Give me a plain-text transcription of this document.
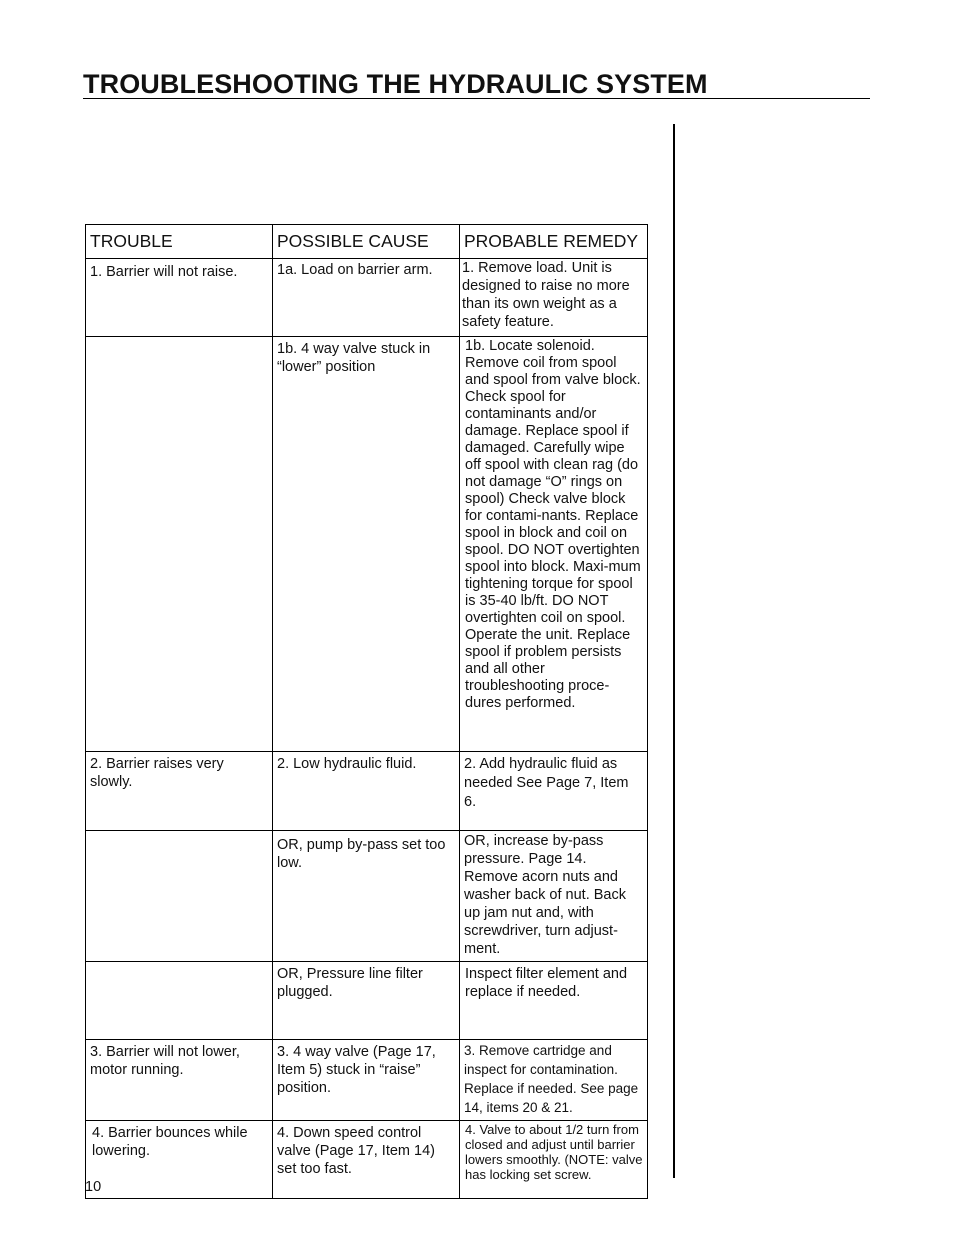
TROUBLESHOOTING THE HYDRAULIC SYSTEM
TROUBLE	POSSIBLE CAUSE	PROBABLE REMEDY
1. Barrier will not raise.	1a. Load on barrier arm.	1. Remove load. Unit is designed to raise no more than its own weight as a safety feature.
	1b. 4 way valve stuck in “lower” position	1b. Locate solenoid. Remove coil from spool and spool from valve block. Check spool for contaminants and/or damage. Replace spool if damaged. Carefully wipe off spool with clean rag (do not damage “O” rings on spool) Check valve block for contami-nants. Replace spool in block and coil on spool. DO NOT overtighten spool into block. Maxi-mum tightening torque for spool is 35-40 lb/ft. DO NOT overtighten coil on spool. Operate the unit. Replace spool if problem persists and all other troubleshooting proce-dures performed.
2. Barrier raises very slowly.	2. Low hydraulic fluid.	2. Add hydraulic fluid as needed See Page 7, Item 6.
	OR, pump by-pass set too low.	OR, increase by-pass pressure. Page 14. Remove acorn nuts and washer back of nut. Back up jam nut and, with screwdriver, turn adjust-ment.
	OR, Pressure line filter plugged.	Inspect filter element and replace if needed.
3. Barrier will not lower, motor running.	3. 4 way valve (Page 17, Item 5) stuck in “raise” position.	3. Remove cartridge and inspect for contamination. Replace if needed. See page 14, items 20 & 21.
4. Barrier bounces while lowering.	4. Down speed control valve (Page 17, Item 14) set too fast.	4. Valve to about 1/2 turn from closed and adjust until barrier lowers smoothly. (NOTE: valve has locking set screw.
10
